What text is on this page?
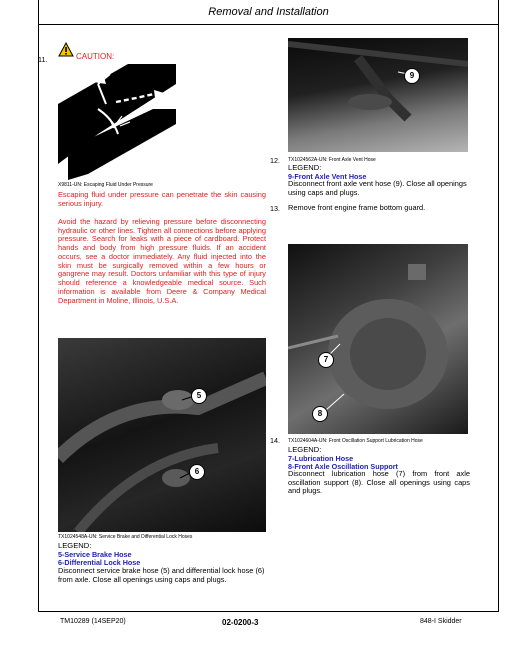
Removal and Installation
11.	CAUTION:
X9811-UN: Escaping Fluid Under Pressure
Escaping fluid under pressure can penetrate the skin causing serious injury.
Avoid the hazard by relieving pressure before disconnecting hydraulic or other lines. Tighten all connections before applying pressure. Search for leaks with a piece of cardboard. Protect hands and body from high pressure fluids. If an accident occurs, see a doctor immediately. Any fluid injected into the skin must be surgically removed within a few hours or gangrene may result. Doctors unfamiliar with this type of injury should reference a knowledgeable medical source. Such information is available from Deere & Company Medical Department in Moline, Illinois, U.S.A.
5
6
TX1024548A-UN: Service Brake and Differential Lock Hoses
LEGEND:
5-Service Brake Hose
6-Differential Lock Hose
Disconnect service brake hose (5) and differential lock hose (6) from axle. Close all openings using caps and plugs.
9
12. TX1024562A-UN: Front Axle Vent Hose
LEGEND:
9-Front Axle Vent Hose
Disconnect front axle vent hose (9). Close all openings using caps and plugs.
13. Remove front engine frame bottom guard.
7
8
14. TX1024604A-UN: Front Oscillation Support Lubrication Hose
LEGEND:
7-Lubrication Hose
8-Front Axle Oscillation Support
Disconnect lubrication hose (7) from front axle oscillation support (8). Close all openings using caps and plugs.
TM10289 (14SEP20)	02-0200-3	848-I Skidder
